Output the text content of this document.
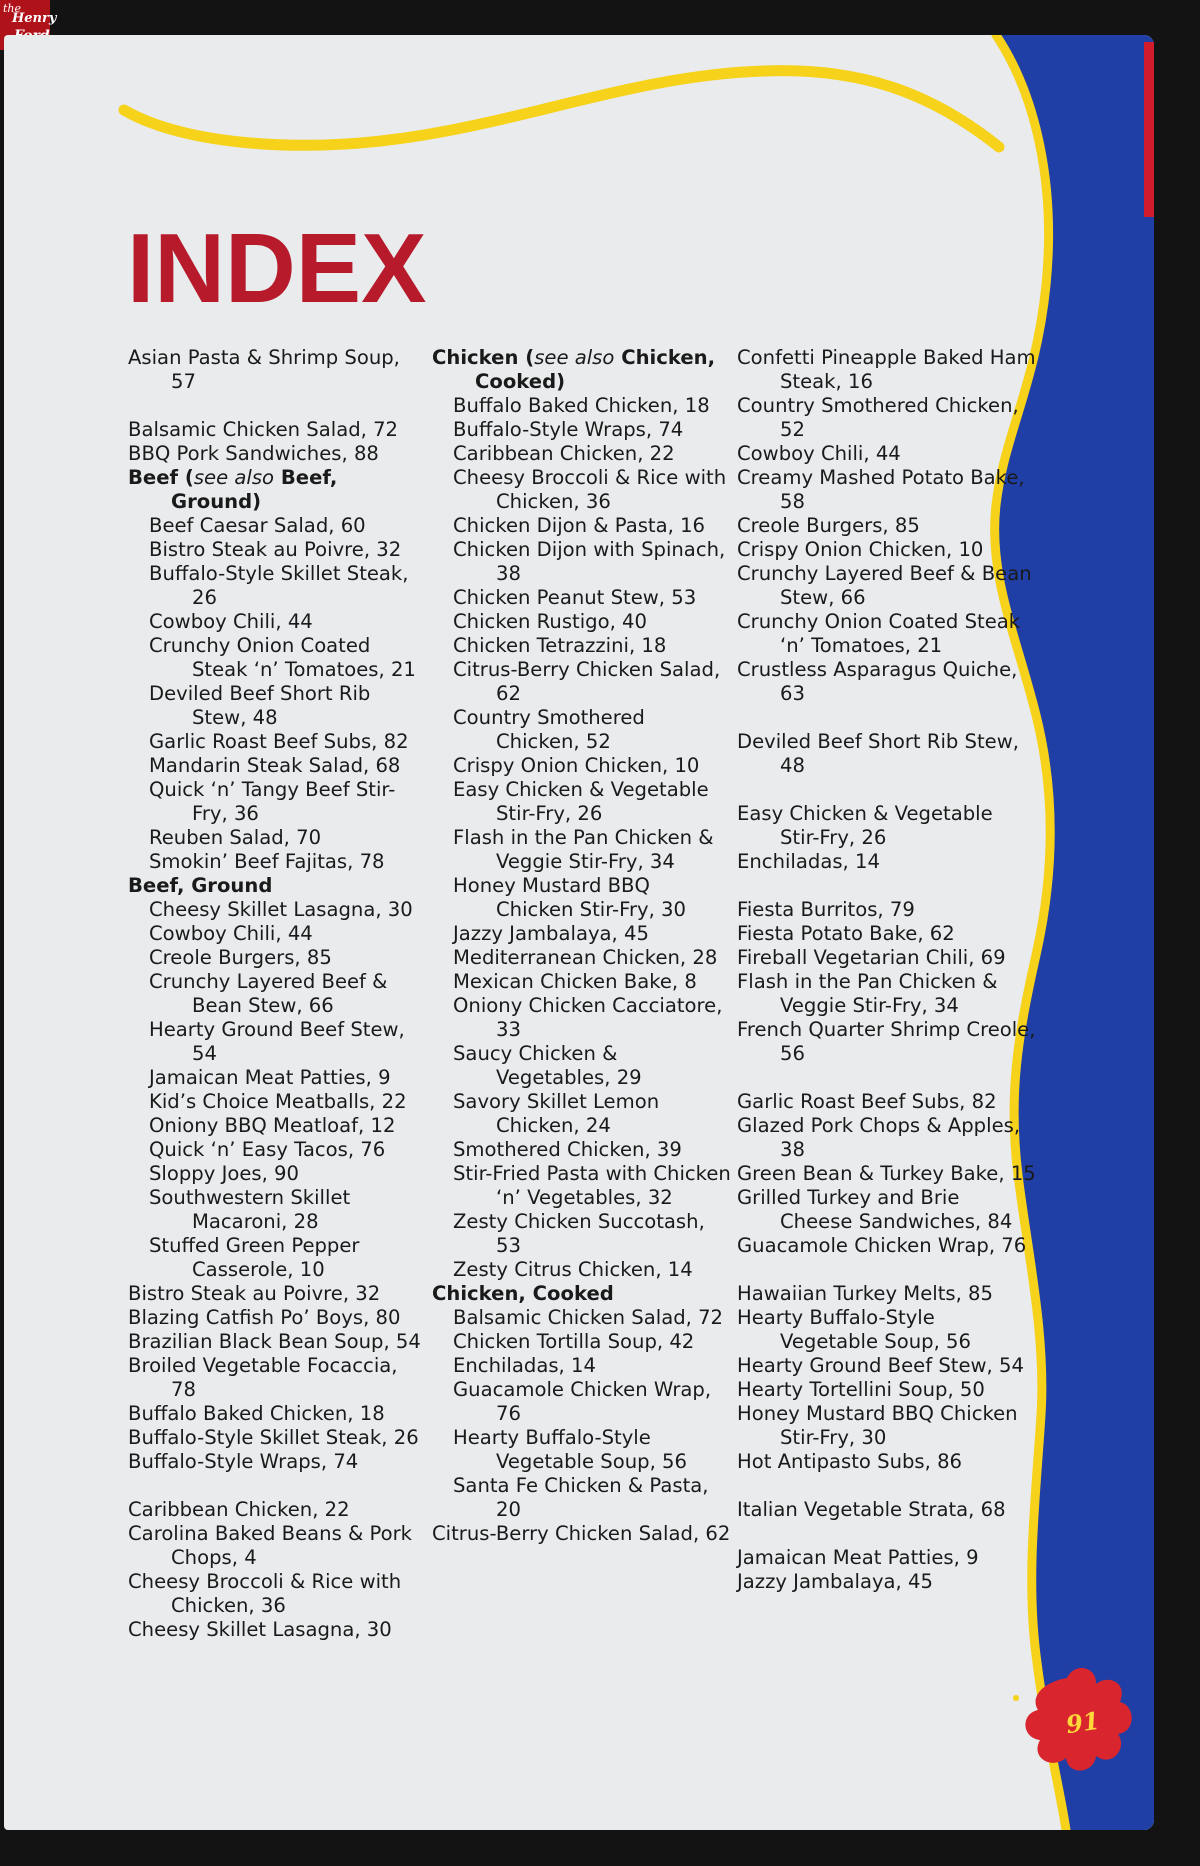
the
Henry
INDEX

Asian Pasta & Shrimp Soup, 57

Balsamic Chicken Salad, 72

BBQ Pork Sandwiches, 88

Beef (see also Beef, Ground)

Beef Caesar Salad, 60

Bistro Steak au Poivre, 32

Buffalo-Style Skillet Steak, 26

Cowboy Chili, 44

Crunchy Onion Coated Steak ‘n’ Tomatoes, 21

Deviled Beef Short Rib Stew, 48

Garlic Roast Beef Subs, 82

Mandarin Steak Salad, 68

Quick ‘n’ Tangy Beef Stir-Fry, 36

Reuben Salad, 70

Smokin’ Beef Fajitas, 78

Beef, Ground

Cheesy Skillet Lasagna, 30

Cowboy Chili, 44

Creole Burgers, 85

Crunchy Layered Beef & Bean Stew, 66

Hearty Ground Beef Stew, 54

Jamaican Meat Patties, 9

Kid’s Choice Meatballs, 22

Oniony BBQ Meatloaf, 12

Quick ‘n’ Easy Tacos, 76

Sloppy Joes, 90

Southwestern Skillet Macaroni, 28

Stuffed Green Pepper Casserole, 10

Bistro Steak au Poivre, 32

Blazing Catfish Po’ Boys, 80

Brazilian Black Bean Soup, 54

Broiled Vegetable Focaccia, 78

Buffalo Baked Chicken, 18

Buffalo-Style Skillet Steak, 26

Buffalo-Style Wraps, 74

Caribbean Chicken, 22

Carolina Baked Beans & Pork Chops, 4

Cheesy Broccoli & Rice with Chicken, 36

Cheesy Skillet Lasagna, 30

Chicken (see also Chicken, Cooked)

Buffalo Baked Chicken, 18

Buffalo-Style Wraps, 74

Caribbean Chicken, 22

Cheesy Broccoli & Rice with Chicken, 36

Chicken Dijon & Pasta, 16

Chicken Dijon with Spinach, 38

Chicken Peanut Stew, 53

Chicken Rustigo, 40

Chicken Tetrazzini, 18

Citrus-Berry Chicken Salad, 62

Country Smothered Chicken, 52

Crispy Onion Chicken, 10

Easy Chicken & Vegetable Stir-Fry, 26

Flash in the Pan Chicken & Veggie Stir-Fry, 34

Honey Mustard BBQ Chicken Stir-Fry, 30

Jazzy Jambalaya, 45

Mediterranean Chicken, 28

Mexican Chicken Bake, 8

Oniony Chicken Cacciatore, 33

Saucy Chicken & Vegetables, 29

Savory Skillet Lemon Chicken, 24

Smothered Chicken, 39

Stir-Fried Pasta with Chicken ‘n’ Vegetables, 32

Zesty Chicken Succotash, 53

Zesty Citrus Chicken, 14

Chicken, Cooked

Balsamic Chicken Salad, 72

Chicken Tortilla Soup, 42

Enchiladas, 14

Guacamole Chicken Wrap, 76

Hearty Buffalo-Style Vegetable Soup, 56

Santa Fe Chicken & Pasta, 20

Citrus-Berry Chicken Salad, 62

Confetti Pineapple Baked Ham Steak, 16

Country Smothered Chicken, 52

Cowboy Chili, 44

Creamy Mashed Potato Bake, 58

Creole Burgers, 85

Crispy Onion Chicken, 10

Crunchy Layered Beef & Bean Stew, 66

Crunchy Onion Coated Steak ‘n’ Tomatoes, 21

Crustless Asparagus Quiche, 63

Deviled Beef Short Rib Stew, 48

Easy Chicken & Vegetable Stir-Fry, 26

Enchiladas, 14

Fiesta Burritos, 79

Fiesta Potato Bake, 62

Fireball Vegetarian Chili, 69

Flash in the Pan Chicken & Veggie Stir-Fry, 34

French Quarter Shrimp Creole, 56

Garlic Roast Beef Subs, 82

Glazed Pork Chops & Apples, 38

Green Bean & Turkey Bake, 15

Grilled Turkey and Brie Cheese Sandwiches, 84

Guacamole Chicken Wrap, 76

Hawaiian Turkey Melts, 85

Hearty Buffalo-Style Vegetable Soup, 56

Hearty Ground Beef Stew, 54

Hearty Tortellini Soup, 50

Honey Mustard BBQ Chicken Stir-Fry, 30

Hot Antipasto Subs, 86

Italian Vegetable Strata, 68

Jamaican Meat Patties, 9

Jazzy Jambalaya, 45

91
